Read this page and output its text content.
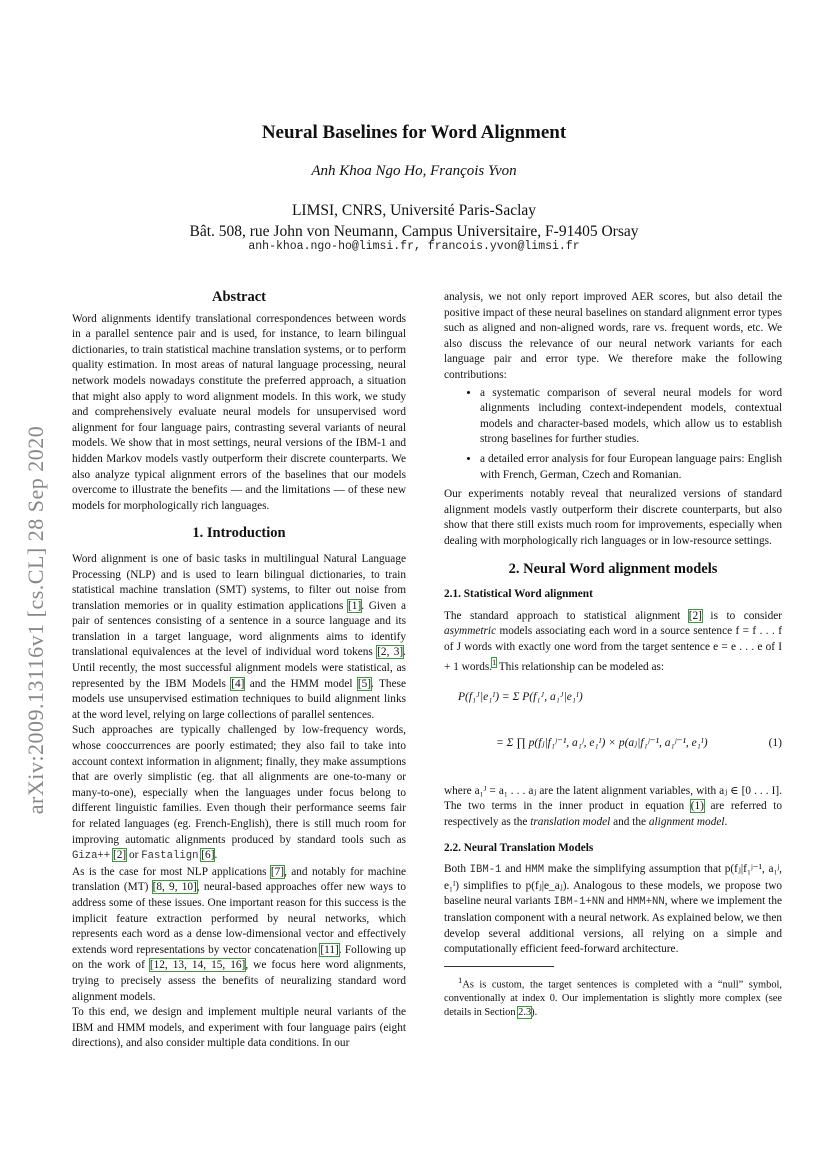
arXiv:2009.13116v1 [cs.CL] 28 Sep 2020
Neural Baselines for Word Alignment
Anh Khoa Ngo Ho, François Yvon
LIMSI, CNRS, Université Paris-Saclay
Bât. 508, rue John von Neumann, Campus Universitaire, F-91405 Orsay
anh-khoa.ngo-ho@limsi.fr, francois.yvon@limsi.fr
Abstract

Word alignments identify translational correspondences between words in a parallel sentence pair and is used, for instance, to learn bilingual dictionaries, to train statistical machine translation systems, or to perform quality estimation. In most areas of natural language processing, neural network models nowadays constitute the preferred approach, a situation that might also apply to word alignment models. In this work, we study and comprehensively evaluate neural models for unsupervised word alignment for four language pairs, contrasting several variants of neural models. We show that in most settings, neural versions of the IBM-1 and hidden Markov models vastly outperform their discrete counterparts. We also analyze typical alignment errors of the baselines that our models overcome to illustrate the benefits — and the limitations — of these new models for morphologically rich languages.

1. Introduction

Word alignment is one of basic tasks in multilingual Natural Language Processing (NLP) and is used to learn bilingual dictionaries, to train statistical machine translation (SMT) systems, to filter out noise from translation memories or in quality estimation applications [1]. Given a pair of sentences consisting of a sentence in a source language and its translation in a target language, word alignments aims to identify translational equivalences at the level of individual word tokens [2, 3]. Until recently, the most successful alignment models were statistical, as represented by the IBM Models [4] and the HMM model [5]. These models use unsupervised estimation techniques to build alignment links at the word level, relying on large collections of parallel sentences.

Such approaches are typically challenged by low-frequency words, whose cooccurrences are poorly estimated; they also fail to take into account context information in alignment; finally, they make assumptions that are overly simplistic (eg. that all alignments are one-to-many or many-to-one), especially when the languages under focus belong to different linguistic families. Even though their performance seems fair for related languages (eg. French-English), there is still much room for improving automatic alignments produced by standard tools such as Giza++ [2] or Fastalign [6].

As is the case for most NLP applications [7], and notably for machine translation (MT) [8, 9, 10], neural-based approaches offer new ways to address some of these issues. One important reason for this success is the implicit feature extraction performed by neural networks, which represents each word as a dense low-dimensional vector and effectively extends word representations by vector concatenation [11]. Following up on the work of [12, 13, 14, 15, 16], we focus here word alignments, trying to precisely assess the benefits of neuralizing standard word alignment models.

To this end, we design and implement multiple neural variants of the IBM and HMM models, and experiment with four language pairs (eight directions), and also consider multiple data conditions. In our

analysis, we not only report improved AER scores, but also detail the positive impact of these neural baselines on standard alignment error types such as aligned and non-aligned words, rare vs. frequent words, etc. We also discuss the relevance of our neural network variants for each language pair and error type. We therefore make the following contributions:

• a systematic comparison of several neural models for word alignments including context-independent models, contextual models and character-based models, which allow us to establish strong baselines for further studies.
• a detailed error analysis for four European language pairs: English with French, German, Czech and Romanian.

Our experiments notably reveal that neuralized versions of standard alignment models vastly outperform their discrete counterparts, but also show that there still exists much room for improvements, especially when dealing with morphologically rich languages or in low-resource settings.

2. Neural Word alignment models
2.1. Statistical Word alignment

The standard approach to statistical alignment [2] is to consider asymmetric models associating each word in a source sentence f = f . . . f of J words with exactly one word from the target sentence e = e . . . e of I + 1 words.$^1$ This relationship can be modeled as:

P(f₁ᴶ|e₁ᴵ) = Σ P(f₁ᴶ, a₁ᴶ|e₁ᴵ)
= Σ ∏ p(fⱼ|f₁ʲ⁻¹, a₁ʲ, e₁ᴵ) × p(aⱼ|f₁ʲ⁻¹, a₁ʲ⁻¹, e₁ᴵ)	(1)

where a₁ᴶ = a₁ . . . aⱼ are the latent alignment variables, with aⱼ ∈ [0 . . . I]. The two terms in the inner product in equation (1) are referred to respectively as the translation model and the alignment model.

2.2. Neural Translation Models

Both IBM-1 and HMM make the simplifying assumption that p(fⱼ|f₁ʲ⁻¹, a₁ʲ, e₁ᴵ) simplifies to p(fⱼ|e_aⱼ). Analogous to these models, we propose two baseline neural variants IBM-1+NN and HMM+NN, where we implement the translation component with a neural network. As explained below, we then develop several additional versions, all relying on a simple and computationally efficient feed-forward architecture.

$^1$As is custom, the target sentences is completed with a “null” symbol, conventionally at index 0. Our implementation is slightly more complex (see details in Section 2.3).
